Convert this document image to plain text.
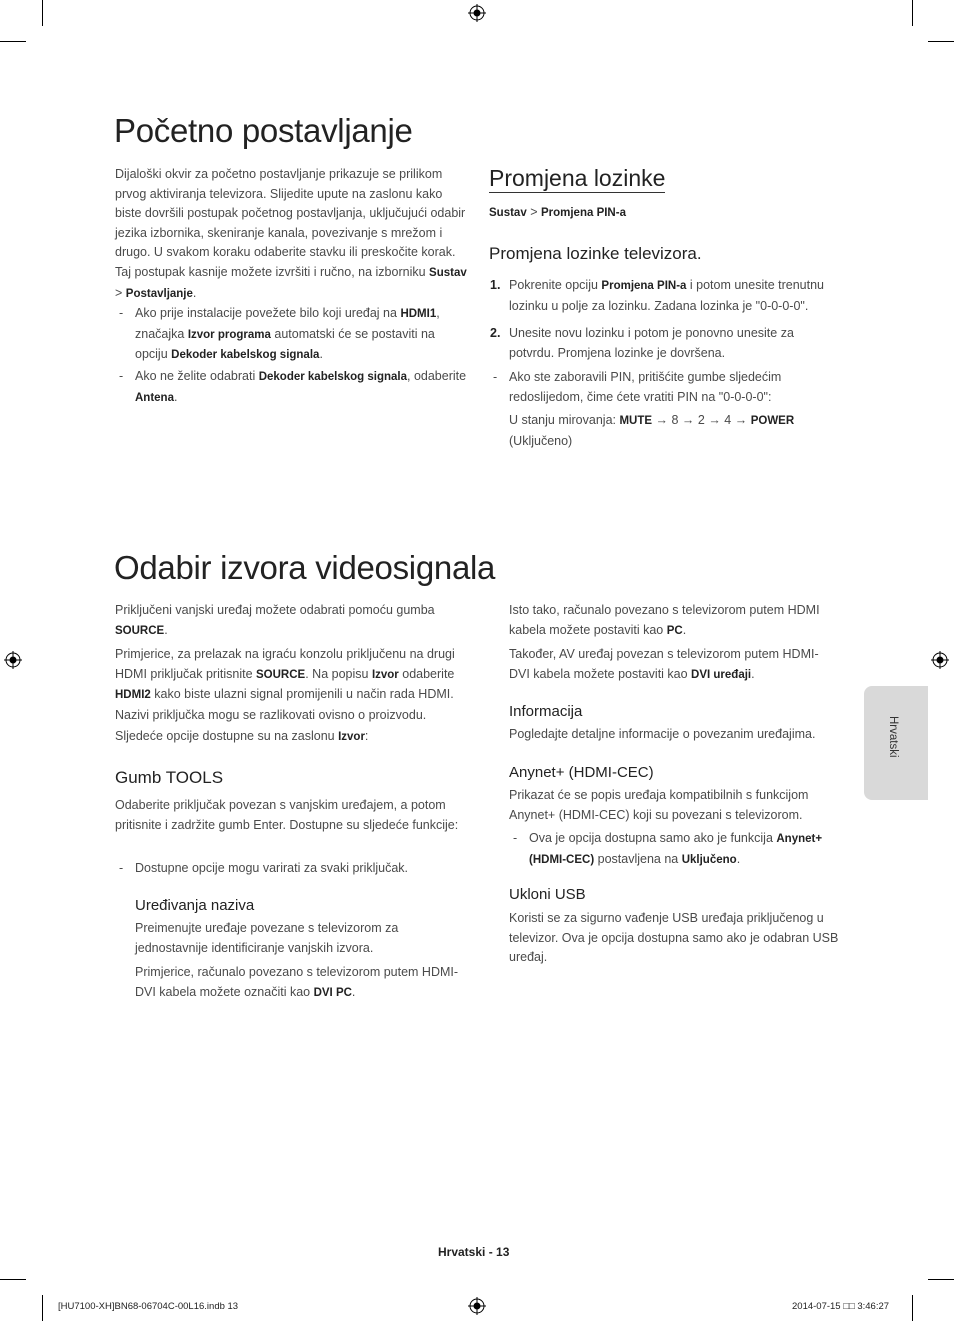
Početno postavljanje

Dijaloški okvir za početno postavljanje prikazuje se prilikom prvog aktiviranja televizora. Slijedite upute na zaslonu kako biste dovršili postupak početnog postavljanja, uključujući odabir jezika izbornika, skeniranje kanala, povezivanje s mrežom i drugo. U svakom koraku odaberite stavku ili preskočite korak. Taj postupak kasnije možete izvršiti i ručno, na izborniku Sustav > Postavljanje.

- Ako prije instalacije povežete bilo koji uređaj na HDMI1, značajka Izvor programa automatski će se postaviti na opciju Dekoder kabelskog signala.
- Ako ne želite odabrati Dekoder kabelskog signala, odaberite Antena.
Promjena lozinke
Sustav > Promjena PIN-a
Promjena lozinke televizora.
1. Pokrenite opciju Promjena PIN-a i potom unesite trenutnu lozinku u polje za lozinku. Zadana lozinka je "0-0-0-0".
2. Unesite novu lozinku i potom je ponovno unesite za potvrdu. Promjena lozinke je dovršena.
- Ako ste zaboravili PIN, pritišćite gumbe sljedećim redoslijedom, čime ćete vratiti PIN na "0-0-0-0":
U stanju mirovanja: MUTE → 8 → 2 → 4 → POWER (Uključeno)
Odabir izvora videosignala

Priključeni vanjski uređaj možete odabrati pomoću gumba SOURCE.

Primjerice, za prelazak na igraću konzolu priključenu na drugi HDMI priključak pritisnite SOURCE. Na popisu Izvor odaberite HDMI2 kako biste ulazni signal promijenili u način rada HDMI. Nazivi priključka mogu se razlikovati ovisno o proizvodu.

Sljedeće opcije dostupne su na zaslonu Izvor:

Gumb TOOLS

Odaberite priključak povezan s vanjskim uređajem, a potom pritisnite i zadržite gumb Enter. Dostupne su sljedeće funkcije:

- Dostupne opcije mogu varirati za svaki priključak.
Uređivanja naziva

Preimenujte uređaje povezane s televizorom za jednostavnije identificiranje vanjskih izvora.

Primjerice, računalo povezano s televizorom putem HDMI-DVI kabela možete označiti kao DVI PC.

Isto tako, računalo povezano s televizorom putem HDMI kabela možete postaviti kao PC.

Također, AV uređaj povezan s televizorom putem HDMI-DVI kabela možete postaviti kao DVI uređaji.

Informacija

Pogledajte detaljne informacije o povezanim uređajima.

Anynet+ (HDMI-CEC)

Prikazat će se popis uređaja kompatibilnih s funkcijom Anynet+ (HDMI-CEC) koji su povezani s televizorom.

- Ova je opcija dostupna samo ako je funkcija Anynet+ (HDMI-CEC) postavljena na Uključeno.
Ukloni USB

Koristi se za sigurno vađenje USB uređaja priključenog u televizor. Ova je opcija dostupna samo ako je odabran USB uređaj.

Hrvatski
Hrvatski - 13
[HU7100-XH]BN68-06704C-00L16.indb 13	2014-07-15 □□ 3:46:27
